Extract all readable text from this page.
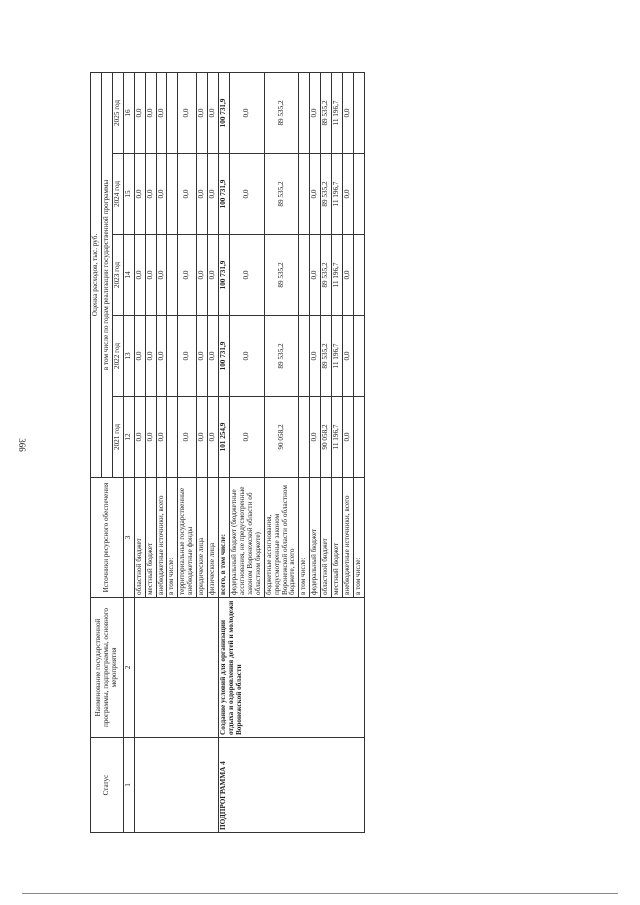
366
Статус	Наименование государственной программы, подпрограммы, основного мероприятия	Источники ресурсного обеспечения	Оценка расходов, тыс. руб.				
			в том числе по годам реализации государственной программы				
			2021 год	2022 год	2023 год	2024 год	2025 год
1	2	3	12	13	14	15	16
		областной бюджет	0,0	0,0	0,0	0,0	0,0
		местный бюджет	0,0	0,0	0,0	0,0	0,0
		внебюджетные источники, всего	0,0	0,0	0,0	0,0	0,0
		в том числе:					
		территориальные государственные внебюджетные фонды	0,0	0,0	0,0	0,0	0,0
		юридические лица	0,0	0,0	0,0	0,0	0,0
		физические лица	0,0	0,0	0,0	0,0	0,0
ПОДПРОГРАММА 4	Создание условий для организации отдыха и оздоровления детей и молодежи Воронежской области	всего, в том числе:	101 254,9	100 731,9	100 731,9	100 731,9	100 731,9
		федеральный бюджет (бюджетные ассигнования, не предусмотренные законом Воронежской области об областном бюджете)	0,0	0,0	0,0	0,0	0,0
		бюджетные ассигнования, предусмотренные законом Воронежской области об областном бюджете, всего	90 058,2	89 535,2	89 535,2	89 535,2	89 535,2
		в том числе:					
		федеральный бюджет	0,0	0,0	0,0	0,0	0,0
		областной бюджет	90 058,2	89 535,2	89 535,2	89 535,2	89 535,2
		местный бюджет	11 196,7	11 196,7	11 196,7	11 196,7	11 196,7
		внебюджетные источники, всего	0,0	0,0	0,0	0,0	0,0
		в том числе:					
